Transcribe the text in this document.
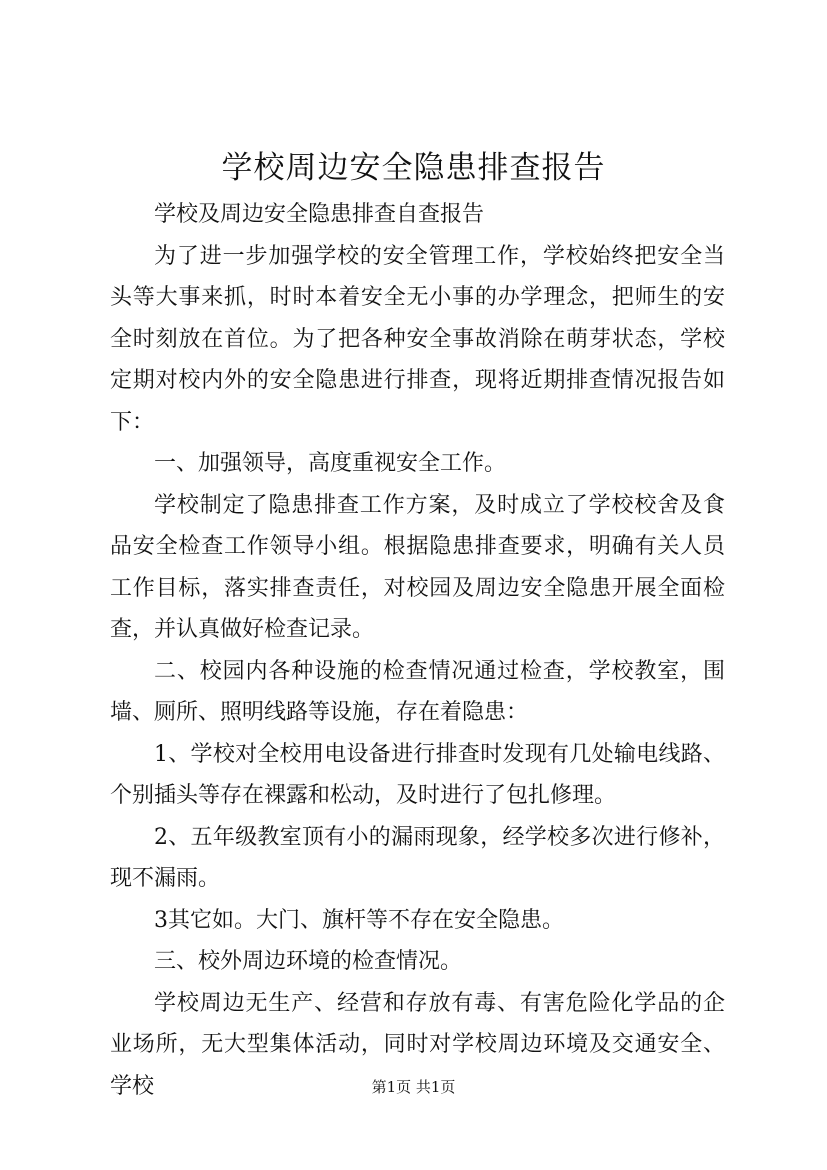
学校周边安全隐患排查报告

学校及周边安全隐患排查自查报告

为了进一步加强学校的安全管理工作，学校始终把安全当头等大事来抓，时时本着安全无小事的办学理念，把师生的安全时刻放在首位。为了把各种安全事故消除在萌芽状态，学校定期对校内外的安全隐患进行排查，现将近期排查情况报告如下：

一、加强领导，高度重视安全工作。

学校制定了隐患排查工作方案，及时成立了学校校舍及食品安全检查工作领导小组。根据隐患排查要求，明确有关人员工作目标，落实排查责任，对校园及周边安全隐患开展全面检查，并认真做好检查记录。

二、校园内各种设施的检查情况通过检查，学校教室，围墙、厕所、照明线路等设施，存在着隐患：

1、学校对全校用电设备进行排查时发现有几处输电线路、个别插头等存在裸露和松动，及时进行了包扎修理。

2、五年级教室顶有小的漏雨现象，经学校多次进行修补，现不漏雨。

3其它如。大门、旗杆等不存在安全隐患。

三、校外周边环境的检查情况。

学校周边无生产、经营和存放有毒、有害危险化学品的企业场所，无大型集体活动，同时对学校周边环境及交通安全、学校	第1页 共1页
